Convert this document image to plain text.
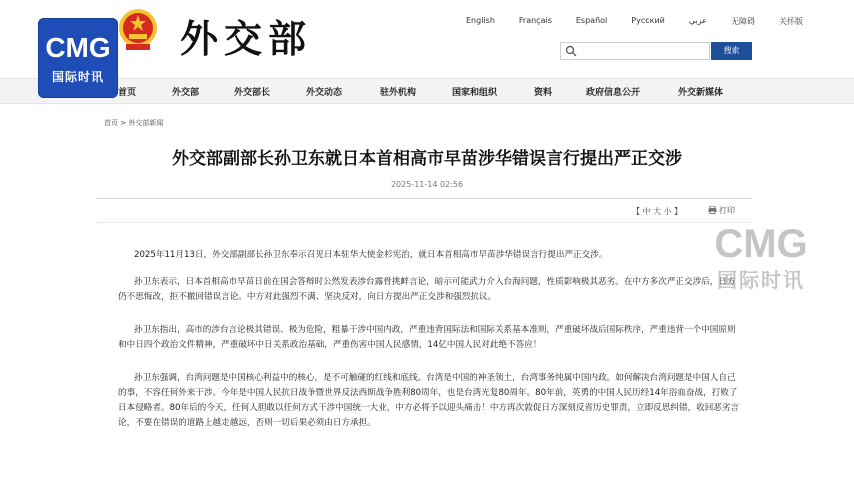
外交部	English	Français	Español	Русский	عربي	无障碍	关怀版
搜索
首页	外交部	外交部长	外交动态	驻外机构	国家和组织	资料	政府信息公开	外交新媒体
首页 > 外交部新闻
外交部副部长孙卫东就日本首相高市早苗涉华错误言行提出严正交涉
2025-11-14 02:56
【 中 大 小 】	打印

2025年11月13日，外交部副部长孙卫东奉示召见日本驻华大使金杉宪治，就日本首相高市早苗涉华错误言行提出严正交涉。

孙卫东表示，日本首相高市早苗日前在国会答辩时公然发表涉台露骨挑衅言论，暗示可能武力介入台海问题，性质影响极其恶劣。在中方多次严正交涉后，日方仍不思悔改，拒不撤回错误言论。中方对此强烈不满、坚决反对，向日方提出严正交涉和强烈抗议。

孙卫东指出，高市的涉台言论极其错误、极为危险，粗暴干涉中国内政，严重违背国际法和国际关系基本准则，严重破坏战后国际秩序，严重违背一个中国原则和中日四个政治文件精神，严重破坏中日关系政治基础，严重伤害中国人民感情，14亿中国人民对此绝不答应！

孙卫东强调，台湾问题是中国核心利益中的核心，是不可触碰的红线和底线。台湾是中国的神圣领土，台湾事务纯属中国内政。如何解决台湾问题是中国人自己的事，不容任何外来干涉。今年是中国人民抗日战争暨世界反法西斯战争胜利80周年，也是台湾光复80周年。80年前，英勇的中国人民历经14年浴血奋战，打败了日本侵略者。80年后的今天，任何人胆敢以任何方式干涉中国统一大业，中方必将予以迎头痛击！中方再次敦促日方深刻反省历史罪责，立即反思纠错，收回恶劣言论，不要在错误的道路上越走越远，否则一切后果必须由日方承担。

CMG
国际时讯
CMG
国际时讯
